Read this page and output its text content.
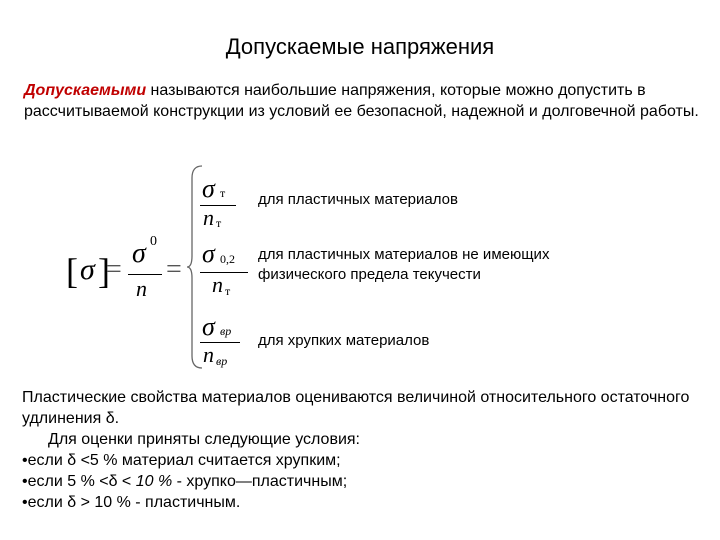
Допускаемые напряжения
Допускаемыми называются наибольшие напряжения, которые можно допустить в рассчитываемой конструкции из условий ее безопасной, надежной и долговечной работы.
[ σ ]
=
σ 0
n
=
σ т
n т
для пластичных материалов
σ 0,2
n т
для пластичных материалов не имеющих физического предела текучести
σ вр
n вр
для хрупких материалов

Пластические свойства материалов оцениваются величиной относительного остаточного удлинения δ.

Для оценки приняты следующие условия:

•если δ <5 % материал считается хрупким;

•если 5 % <δ < 10 % - хрупко—пластичным;

•если δ > 10 % - пластичным.
